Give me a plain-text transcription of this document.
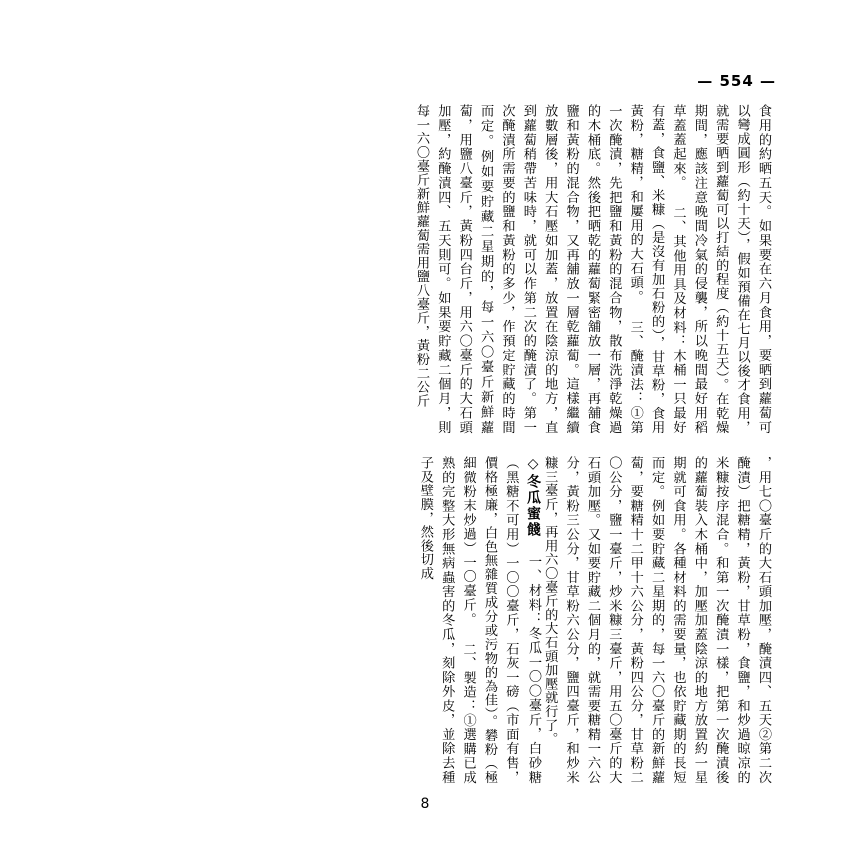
— 554 —
食用的約晒五天。如果要在六月食用，要晒到蘿蔔可以彎成圓形（約十天），假如預備在七月以後才食用，就需要晒到蘿蔔可以打結的程度（約十五天）。在乾燥期間，應該注意晚間冷氣的侵襲，所以晚間最好用稻草蓋蓋起來。 二、其他用具及材料：木桶一只最好有蓋，食鹽、米糠（是沒有加石粉的），甘草粉，食用黃粉，糖精，和屢用的大石頭。 三、醃漬法：①第一次醃漬，先把鹽和黃粉的混合物，散布洗淨乾燥過的木桶底。然後把晒乾的蘿蔔緊密舖放一層，再舖食鹽和黃粉的混合物，又再舖放一層乾蘿蔔。這樣繼續放數層後，用大石壓如加蓋，放置在陰涼的地方，直到蘿蔔稍帶苦味時，就可以作第二次的醃漬了。第一次醃漬所需要的鹽和黃粉的多少，作預定貯藏的時間而定。例如要貯藏二星期的，每一六〇臺斤新鮮蘿蔔，用鹽八臺斤，黃粉四台斤，用六〇臺斤的大石頭加壓，約醃漬四、五天則可。如果要貯藏二個月，則每一六〇臺斤新鮮蘿蔔需用鹽八臺斤，黃粉二公斤
，用七〇臺斤的大石頭加壓，醃漬四、五天②第二次醃漬）把糖精，黃粉，甘草粉，食鹽，和炒過晾凉的米糠按序混合。和第一次醃漬一樣，把第一次醃漬後的蘿蔔裝入木桶中，加壓加蓋陰涼的地方放置約一星期就可食用。各種材料的需要量，也依貯藏期的長短而定。例如要貯藏二星期的，每一六〇臺斤的新鮮蘿蔔，要糖精十二甲十六公分，黃粉四公分，甘草粉二〇公分，鹽一臺斤，炒米糠三臺斤，用五〇臺斤的大石頭加壓。又如要貯藏二個月的，就需要糖精一六公分，黃粉三公分，甘草粉六公分，鹽四臺斤，和炒米糠三臺斤，再用六〇臺斤的大石頭加壓就行了。
◇冬瓜蜜餞 一、材料：冬瓜一〇〇臺斤，白砂糖（黑糖不可用）一〇〇臺斤，石灰一磅（市面有售，價格極廉，白色無雜質成分或污物的為佳）。礬粉（極細微粉末炒過）一〇臺斤。 二、製造：①選購已成熟的完整大形無病蟲害的冬瓜，刻除外皮，並除去種子及壁膜，然後切成
8
